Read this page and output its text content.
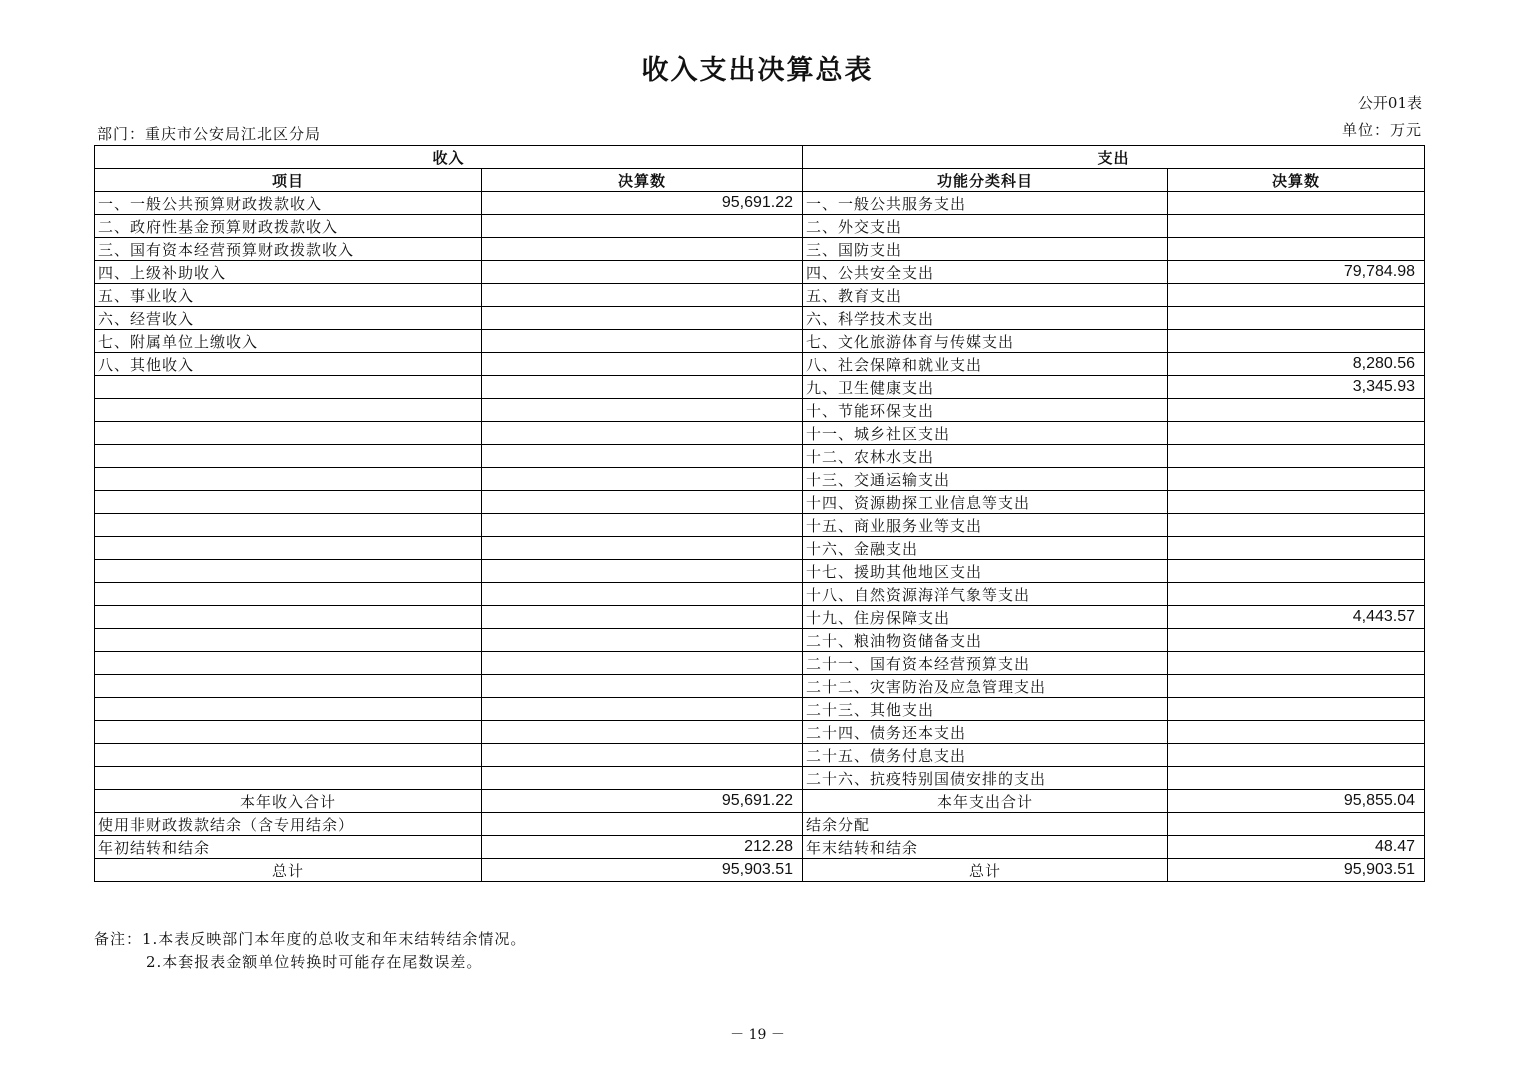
收入支出决算总表
公开01表
单位：万元
部门：重庆市公安局江北区分局
收入		支出	
项目	决算数	功能分类科目	决算数
一、一般公共预算财政拨款收入	95,691.22	一、一般公共服务支出	
二、政府性基金预算财政拨款收入		二、外交支出	
三、国有资本经营预算财政拨款收入		三、国防支出	
四、上级补助收入		四、公共安全支出	79,784.98
五、事业收入		五、教育支出	
六、经营收入		六、科学技术支出	
七、附属单位上缴收入		七、文化旅游体育与传媒支出	
八、其他收入		八、社会保障和就业支出	8,280.56
		九、卫生健康支出	3,345.93
		十、节能环保支出	
		十一、城乡社区支出	
		十二、农林水支出	
		十三、交通运输支出	
		十四、资源勘探工业信息等支出	
		十五、商业服务业等支出	
		十六、金融支出	
		十七、援助其他地区支出	
		十八、自然资源海洋气象等支出	
		十九、住房保障支出	4,443.57
		二十、粮油物资储备支出	
		二十一、国有资本经营预算支出	
		二十二、灾害防治及应急管理支出	
		二十三、其他支出	
		二十四、债务还本支出	
		二十五、债务付息支出	
		二十六、抗疫特别国债安排的支出	
本年收入合计	95,691.22	本年支出合计	95,855.04
使用非财政拨款结余（含专用结余）		结余分配	
年初结转和结余	212.28	年末结转和结余	48.47
总计	95,903.51	总计	95,903.51
备注：1.本表反映部门本年度的总收支和年末结转结余情况。
2.本套报表金额单位转换时可能存在尾数误差。
－ 19 －
